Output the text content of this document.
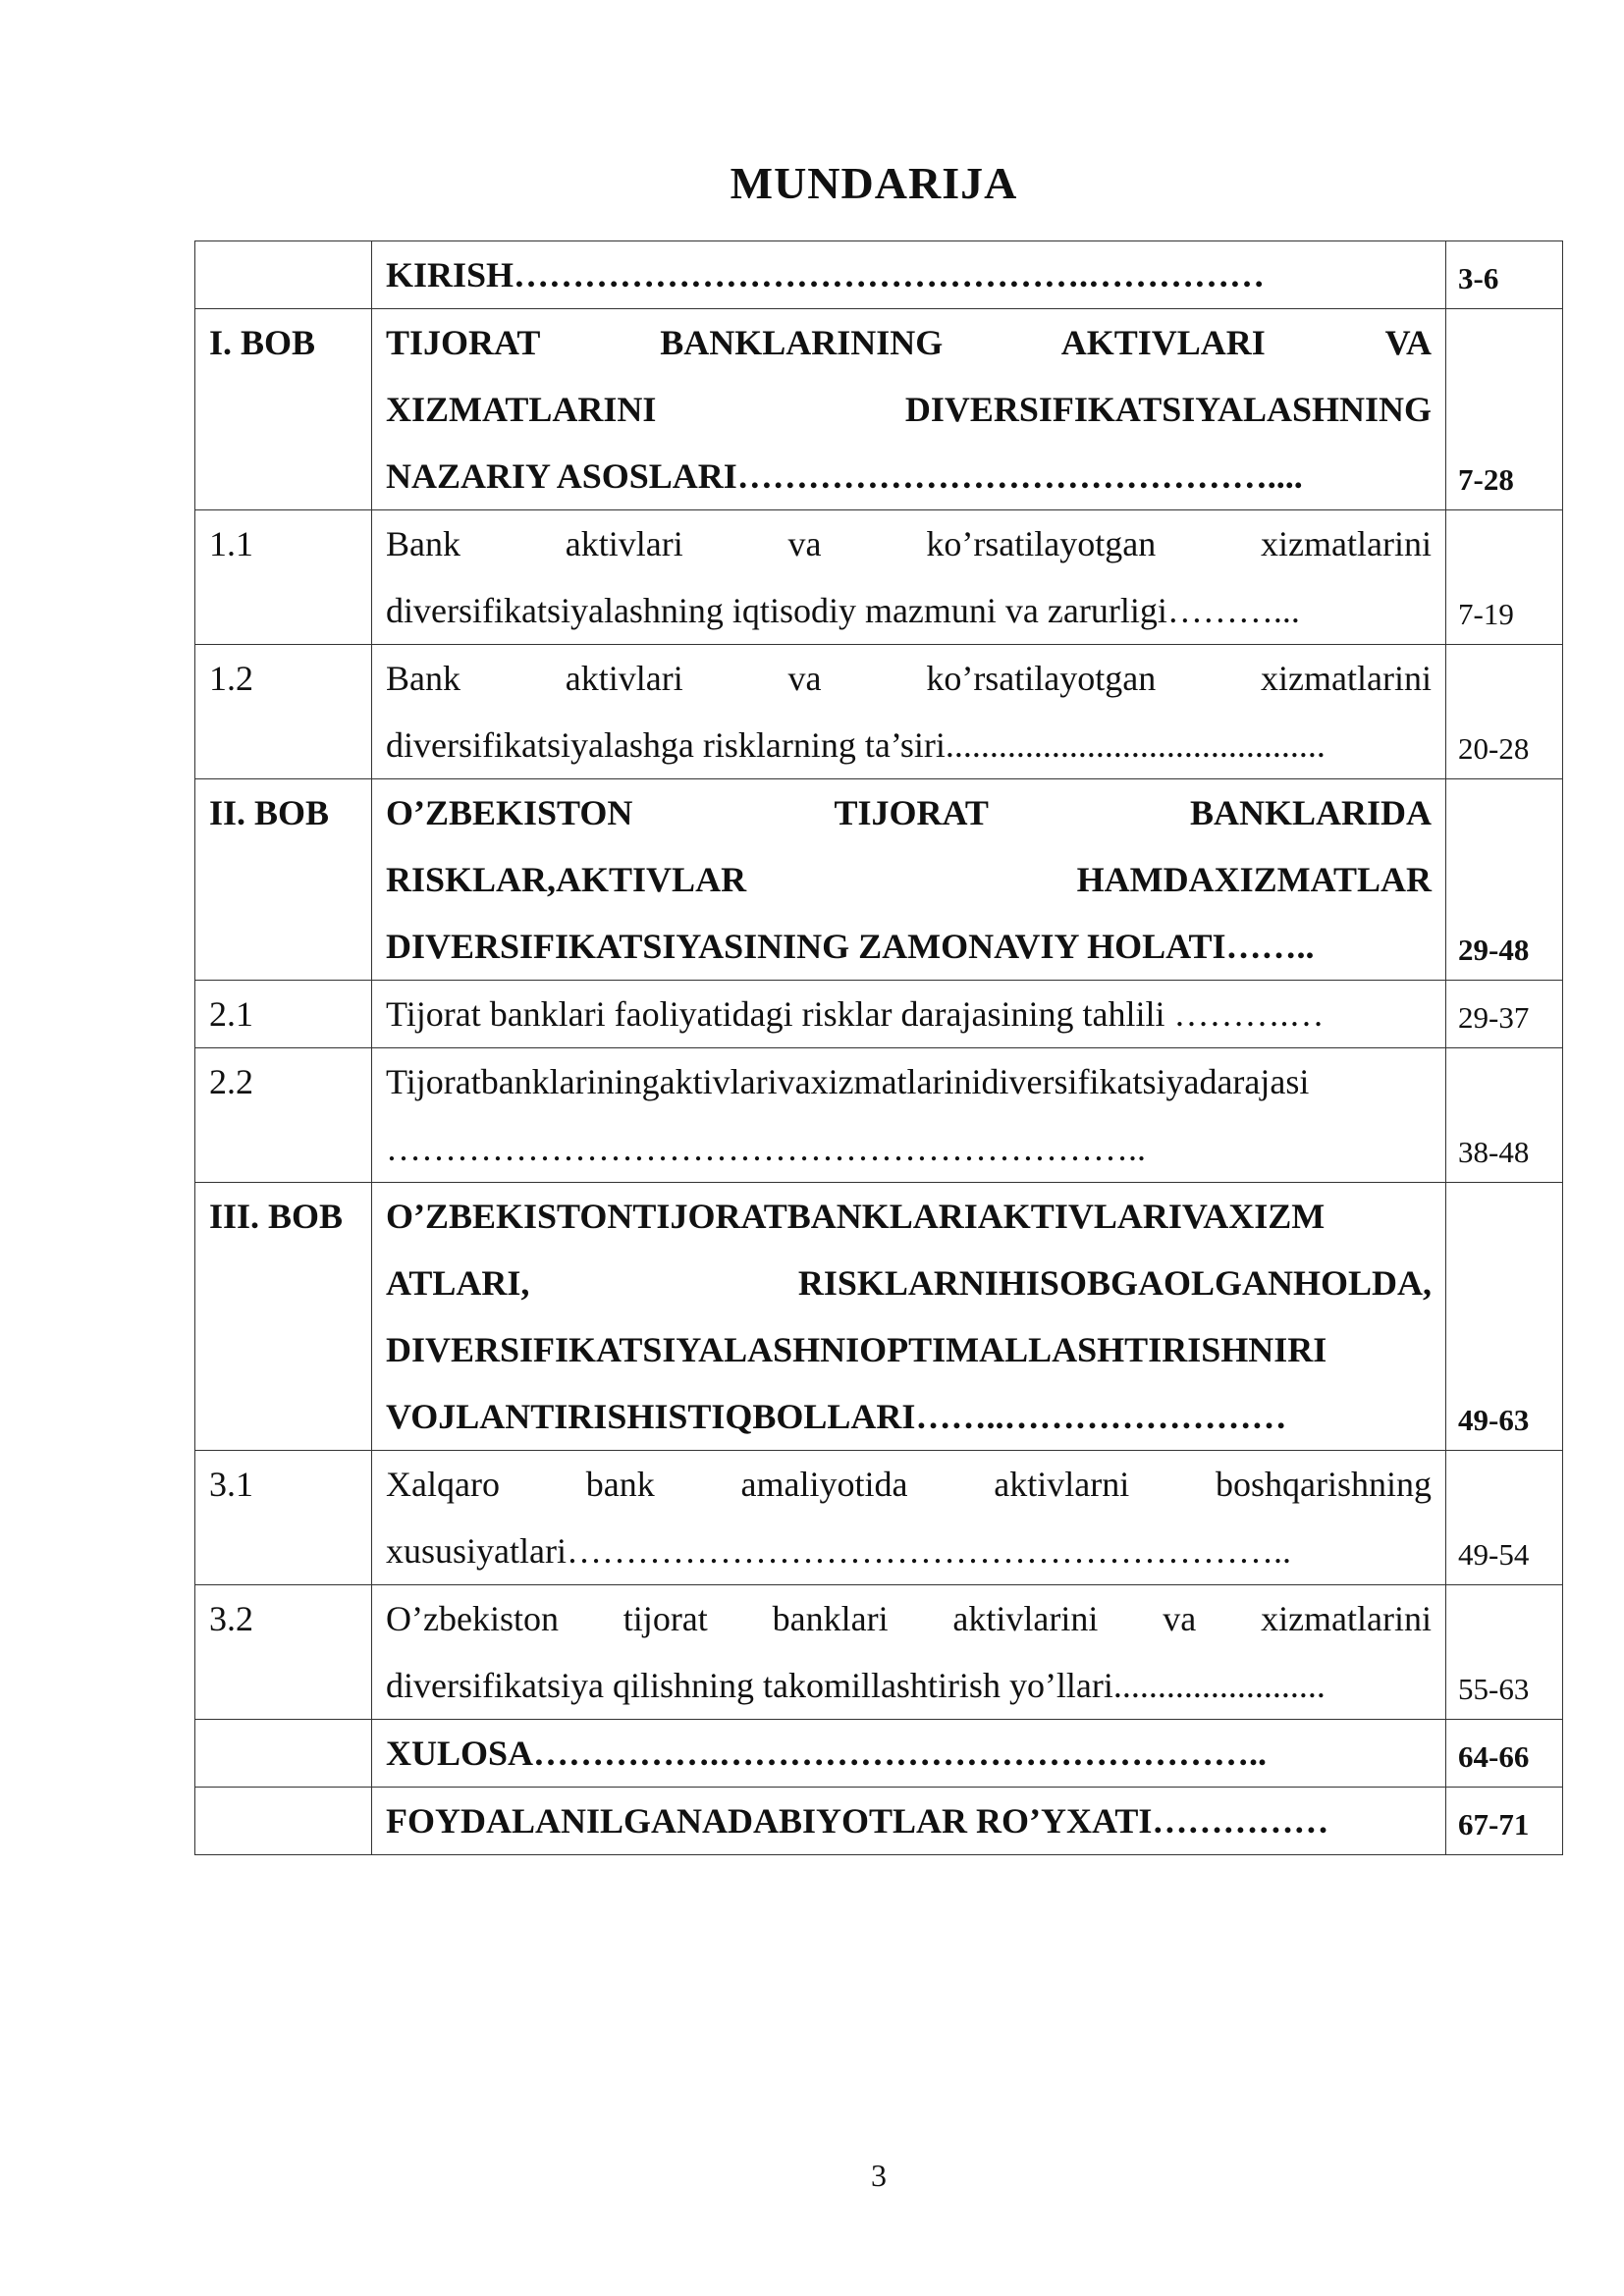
MUNDARIJA

	KIRISH………………………………………….……………	3-6
I. BOB	TIJORAT BANKLARINING AKTIVLARI VA
XIZMATLARINI DIVERSIFIKATSIYALASHNING
NAZARIY ASOSLARI………………………………………....	7-28
1.1	Bank aktivlari va ko’rsatilayotgan xizmatlarini
diversifikatsiyalashning iqtisodiy mazmuni va zarurligi………...	7-19
1.2	Bank aktivlari va ko’rsatilayotgan xizmatlarini
diversifikatsiyalashga risklarning ta’siri...........................................	20-28
II. BOB	O’ZBEKISTON TIJORAT BANKLARIDA
RISKLAR,AKTIVLAR HAMDAXIZMATLAR
DIVERSIFIKATSIYASINING ZAMONAVIY HOLATI……..	29-48
2.1	Tijorat banklari faoliyatidagi risklar darajasining tahlili ……….…	29-37
2.2	Tijoratbanklariningaktivlarivaxizmatlarinidiversifikatsiyadarajasi
………………………………………………………..	38-48
III. BOB	O’ZBEKISTONTIJORATBANKLARIAKTIVLARIVAXIZM
ATLARI, RISKLARNIHISOBGAOLGANHOLDA,
DIVERSIFIKATSIYALASHNIOPTIMALLASHTIRISHNIRI
VOJLANTIRISHISTIQBOLLARI……..……………………	49-63
3.1	Xalqaro bank amaliyotida aktivlarni boshqarishning
xususiyatlari……………………………………………………..	49-54
3.2	O’zbekiston tijorat banklari aktivlarini va xizmatlarini
diversifikatsiya qilishning takomillashtirish yo’llari........................	55-63

	XULOSA…………….………………………………………..	64-66

	FOYDALANILGANADABIYOTLAR RO’YXATI……………	67-71
3
